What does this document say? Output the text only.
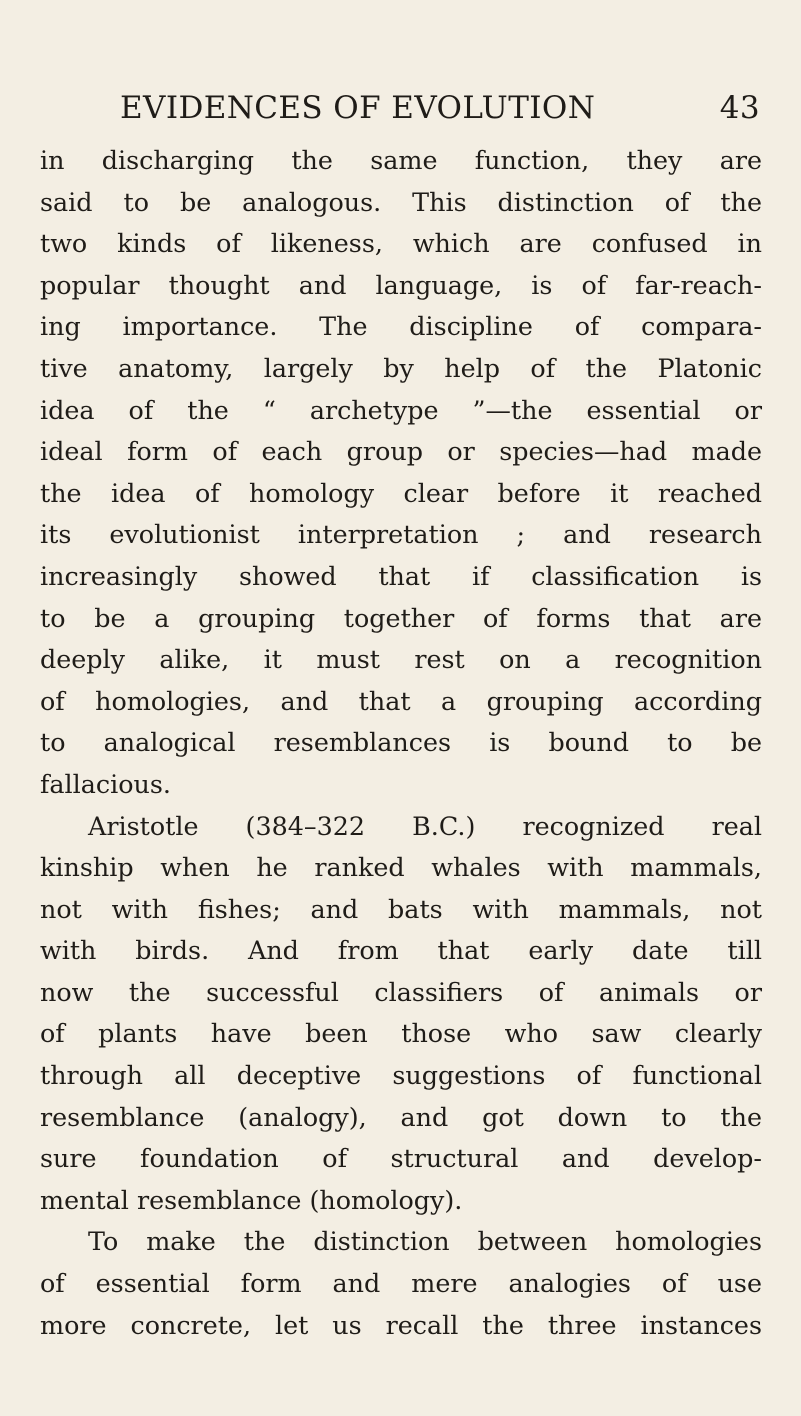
EVIDENCES OF EVOLUTION	43
in discharging the same function, they are
said to be analogous. This distinction of the
two kinds of likeness, which are confused in
popular thought and language, is of far-reach-
ing importance. The discipline of compara-
tive anatomy, largely by help of the Platonic
idea of the “ archetype ”—the essential or
ideal form of each group or species—had made
the idea of homology clear before it reached
its evolutionist interpretation ; and research
increasingly showed that if classification is
to be a grouping together of forms that are
deeply alike, it must rest on a recognition
of homologies, and that a grouping according
to analogical resemblances is bound to be
fallacious.
Aristotle (384–322 B.C.) recognized real
kinship when he ranked whales with mammals,
not with fishes; and bats with mammals, not
with birds. And from that early date till
now the successful classifiers of animals or
of plants have been those who saw clearly
through all deceptive suggestions of functional
resemblance (analogy), and got down to the
sure foundation of structural and develop-
mental resemblance (homology).
To make the distinction between homologies
of essential form and mere analogies of use
more concrete, let us recall the three instances
